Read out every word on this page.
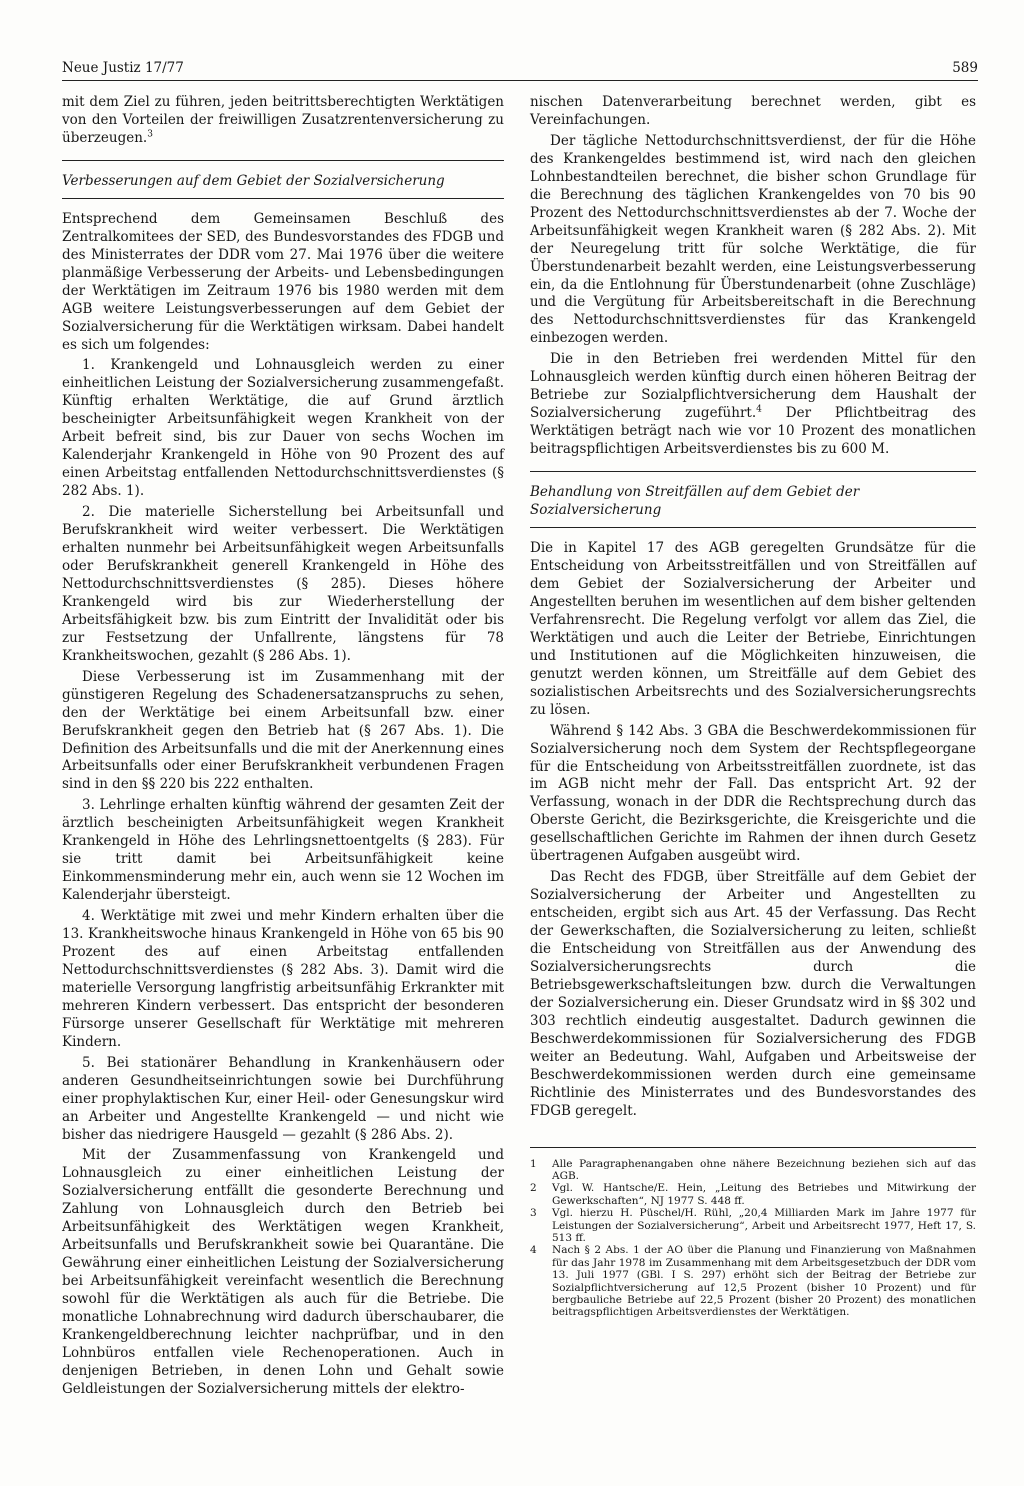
Neue Justiz 17/77	589

mit dem Ziel zu führen, jeden beitrittsberechtigten Werktätigen von den Vorteilen der freiwilligen Zusatzrentenversicherung zu überzeugen.$^3$

Verbesserungen auf dem Gebiet der Sozialversicherung

Entsprechend dem Gemeinsamen Beschluß des Zentralkomitees der SED, des Bundesvorstandes des FDGB und des Ministerrates der DDR vom 27. Mai 1976 über die weitere planmäßige Verbesserung der Arbeits- und Lebensbedingungen der Werktätigen im Zeitraum 1976 bis 1980 werden mit dem AGB weitere Leistungsverbesserungen auf dem Gebiet der Sozialversicherung für die Werktätigen wirksam. Dabei handelt es sich um folgendes:

1. Krankengeld und Lohnausgleich werden zu einer einheitlichen Leistung der Sozialversicherung zusammengefaßt. Künftig erhalten Werktätige, die auf Grund ärztlich bescheinigter Arbeitsunfähigkeit wegen Krankheit von der Arbeit befreit sind, bis zur Dauer von sechs Wochen im Kalenderjahr Krankengeld in Höhe von 90 Prozent des auf einen Arbeitstag entfallenden Nettodurchschnittsverdienstes (§ 282 Abs. 1).

2. Die materielle Sicherstellung bei Arbeitsunfall und Berufskrankheit wird weiter verbessert. Die Werktätigen erhalten nunmehr bei Arbeitsunfähigkeit wegen Arbeitsunfalls oder Berufskrankheit generell Krankengeld in Höhe des Nettodurchschnittsverdienstes (§ 285). Dieses höhere Krankengeld wird bis zur Wiederherstellung der Arbeitsfähigkeit bzw. bis zum Eintritt der Invalidität oder bis zur Festsetzung der Unfallrente, längstens für 78 Krankheitswochen, gezahlt (§ 286 Abs. 1).

Diese Verbesserung ist im Zusammenhang mit der günstigeren Regelung des Schadenersatzanspruchs zu sehen, den der Werktätige bei einem Arbeitsunfall bzw. einer Berufskrankheit gegen den Betrieb hat (§ 267 Abs. 1). Die Definition des Arbeitsunfalls und die mit der Anerkennung eines Arbeitsunfalls oder einer Berufskrankheit verbundenen Fragen sind in den §§ 220 bis 222 enthalten.

3. Lehrlinge erhalten künftig während der gesamten Zeit der ärztlich bescheinigten Arbeitsunfähigkeit wegen Krankheit Krankengeld in Höhe des Lehrlingsnettoentgelts (§ 283). Für sie tritt damit bei Arbeitsunfähigkeit keine Einkommensminderung mehr ein, auch wenn sie 12 Wochen im Kalenderjahr übersteigt.

4. Werktätige mit zwei und mehr Kindern erhalten über die 13. Krankheitswoche hinaus Krankengeld in Höhe von 65 bis 90 Prozent des auf einen Arbeitstag entfallenden Nettodurchschnittsverdienstes (§ 282 Abs. 3). Damit wird die materielle Versorgung langfristig arbeitsunfähig Erkrankter mit mehreren Kindern verbessert. Das entspricht der besonderen Fürsorge unserer Gesellschaft für Werktätige mit mehreren Kindern.

5. Bei stationärer Behandlung in Krankenhäusern oder anderen Gesundheitseinrichtungen sowie bei Durchführung einer prophylaktischen Kur, einer Heil- oder Genesungskur wird an Arbeiter und Angestellte Krankengeld — und nicht wie bisher das niedrigere Hausgeld — gezahlt (§ 286 Abs. 2).

Mit der Zusammenfassung von Krankengeld und Lohnausgleich zu einer einheitlichen Leistung der Sozialversicherung entfällt die gesonderte Berechnung und Zahlung von Lohnausgleich durch den Betrieb bei Arbeitsunfähigkeit des Werktätigen wegen Krankheit, Arbeitsunfalls und Berufskrankheit sowie bei Quarantäne. Die Gewährung einer einheitlichen Leistung der Sozialversicherung bei Arbeitsunfähigkeit vereinfacht wesentlich die Berechnung sowohl für die Werktätigen als auch für die Betriebe. Die monatliche Lohnabrechnung wird dadurch überschaubarer, die Krankengeldberechnung leichter nachprüfbar, und in den Lohnbüros entfallen viele Rechenoperationen. Auch in denjenigen Betrieben, in denen Lohn und Gehalt sowie Geldleistungen der Sozialversicherung mittels der elektro-

nischen Datenverarbeitung berechnet werden, gibt es Vereinfachungen.

Der tägliche Nettodurchschnittsverdienst, der für die Höhe des Krankengeldes bestimmend ist, wird nach den gleichen Lohnbestandteilen berechnet, die bisher schon Grundlage für die Berechnung des täglichen Krankengeldes von 70 bis 90 Prozent des Nettodurchschnittsverdienstes ab der 7. Woche der Arbeitsunfähigkeit wegen Krankheit waren (§ 282 Abs. 2). Mit der Neuregelung tritt für solche Werktätige, die für Überstundenarbeit bezahlt werden, eine Leistungsverbesserung ein, da die Entlohnung für Überstundenarbeit (ohne Zuschläge) und die Vergütung für Arbeitsbereitschaft in die Berechnung des Nettodurchschnittsverdienstes für das Krankengeld einbezogen werden.

Die in den Betrieben frei werdenden Mittel für den Lohnausgleich werden künftig durch einen höheren Beitrag der Betriebe zur Sozialpflichtversicherung dem Haushalt der Sozialversicherung zugeführt.$^4$ Der Pflichtbeitrag des Werktätigen beträgt nach wie vor 10 Prozent des monatlichen beitragspflichtigen Arbeitsverdienstes bis zu 600 M.

Behandlung von Streitfällen auf dem Gebiet der Sozialversicherung

Die in Kapitel 17 des AGB geregelten Grundsätze für die Entscheidung von Arbeitsstreitfällen und von Streitfällen auf dem Gebiet der Sozialversicherung der Arbeiter und Angestellten beruhen im wesentlichen auf dem bisher geltenden Verfahrensrecht. Die Regelung verfolgt vor allem das Ziel, die Werktätigen und auch die Leiter der Betriebe, Einrichtungen und Institutionen auf die Möglichkeiten hinzuweisen, die genutzt werden können, um Streitfälle auf dem Gebiet des sozialistischen Arbeitsrechts und des Sozialversicherungsrechts zu lösen.

Während § 142 Abs. 3 GBA die Beschwerdekommissionen für Sozialversicherung noch dem System der Rechtspflegeorgane für die Entscheidung von Arbeitsstreitfällen zuordnete, ist das im AGB nicht mehr der Fall. Das entspricht Art. 92 der Verfassung, wonach in der DDR die Rechtsprechung durch das Oberste Gericht, die Bezirksgerichte, die Kreisgerichte und die gesellschaftlichen Gerichte im Rahmen der ihnen durch Gesetz übertragenen Aufgaben ausgeübt wird.

Das Recht des FDGB, über Streitfälle auf dem Gebiet der Sozialversicherung der Arbeiter und Angestellten zu entscheiden, ergibt sich aus Art. 45 der Verfassung. Das Recht der Gewerkschaften, die Sozialversicherung zu leiten, schließt die Entscheidung von Streitfällen aus der Anwendung des Sozialversicherungsrechts durch die Betriebsgewerkschaftsleitungen bzw. durch die Verwaltungen der Sozialversicherung ein. Dieser Grundsatz wird in §§ 302 und 303 rechtlich eindeutig ausgestaltet. Dadurch gewinnen die Beschwerdekommissionen für Sozialversicherung des FDGB weiter an Bedeutung. Wahl, Aufgaben und Arbeitsweise der Beschwerdekommissionen werden durch eine gemeinsame Richtlinie des Ministerrates und des Bundesvorstandes des FDGB geregelt.

1	Alle Paragraphenangaben ohne nähere Bezeichnung beziehen sich auf das AGB.
2	Vgl. W. Hantsche/E. Hein, „Leitung des Betriebes und Mitwirkung der Gewerkschaften“, NJ 1977 S. 448 ff.
3	Vgl. hierzu H. Püschel/H. Rühl, „20,4 Milliarden Mark im Jahre 1977 für Leistungen der Sozialversicherung“, Arbeit und Arbeitsrecht 1977, Heft 17, S. 513 ff.
4	Nach § 2 Abs. 1 der AO über die Planung und Finanzierung von Maßnahmen für das Jahr 1978 im Zusammenhang mit dem Arbeitsgesetzbuch der DDR vom 13. Juli 1977 (GBl. I S. 297) erhöht sich der Beitrag der Betriebe zur Sozialpflichtversicherung auf 12,5 Prozent (bisher 10 Prozent) und für bergbauliche Betriebe auf 22,5 Prozent (bisher 20 Prozent) des monatlichen beitragspflichtigen Arbeitsverdienstes der Werktätigen.
